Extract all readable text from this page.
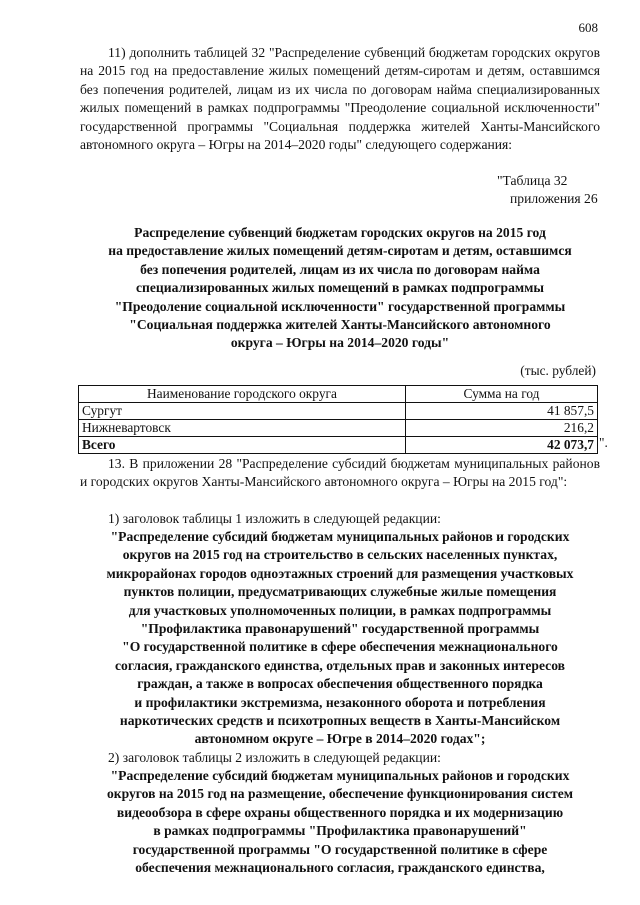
608
11) дополнить таблицей 32 "Распределение субвенций бюджетам городских округов на 2015 год на предоставление жилых помещений детям-сиротам и детям, оставшимся без попечения родителей, лицам из их числа по договорам найма специализированных жилых помещений в рамках подпрограммы "Преодоление социальной исключенности" государственной программы "Социальная поддержка жителей Ханты-Мансийского автономного округа – Югры на 2014–2020 годы" следующего содержания:
"Таблица 32
приложения 26
Распределение субвенций бюджетам городских округов на 2015 год
на предоставление жилых помещений детям-сиротам и детям, оставшимся
без попечения родителей, лицам из их числа по договорам найма
специализированных жилых помещений в рамках подпрограммы
"Преодоление социальной исключенности" государственной программы
"Социальная поддержка жителей Ханты-Мансийского автономного
округа – Югры на 2014–2020 годы"
(тыс. рублей)
Наименование городского округа	Сумма на год
Сургут	41 857,5
Нижневартовск	216,2
Всего	42 073,7 ".
13. В приложении 28 "Распределение субсидий бюджетам муниципальных районов и городских округов Ханты-Мансийского автономного округа – Югры на 2015 год":
1) заголовок таблицы 1 изложить в следующей редакции:
"Распределение субсидий бюджетам муниципальных районов и городских
округов на 2015 год на строительство в сельских населенных пунктах,
микрорайонах городов одноэтажных строений для размещения участковых
пунктов полиции, предусматривающих служебные жилые помещения
для участковых уполномоченных полиции, в рамках подпрограммы
"Профилактика правонарушений" государственной программы
"О государственной политике в сфере обеспечения межнационального
согласия, гражданского единства, отдельных прав и законных интересов
граждан, а также в вопросах обеспечения общественного порядка
и профилактики экстремизма, незаконного оборота и потребления
наркотических средств и психотропных веществ в Ханты-Мансийском
автономном округе – Югре в 2014–2020 годах";
2) заголовок таблицы 2 изложить в следующей редакции:
"Распределение субсидий бюджетам муниципальных районов и городских
округов на 2015 год на размещение, обеспечение функционирования систем
видеообзора в сфере охраны общественного порядка и их модернизацию
в рамках подпрограммы "Профилактика правонарушений"
государственной программы "О государственной политике в сфере
обеспечения межнационального согласия, гражданского единства,
